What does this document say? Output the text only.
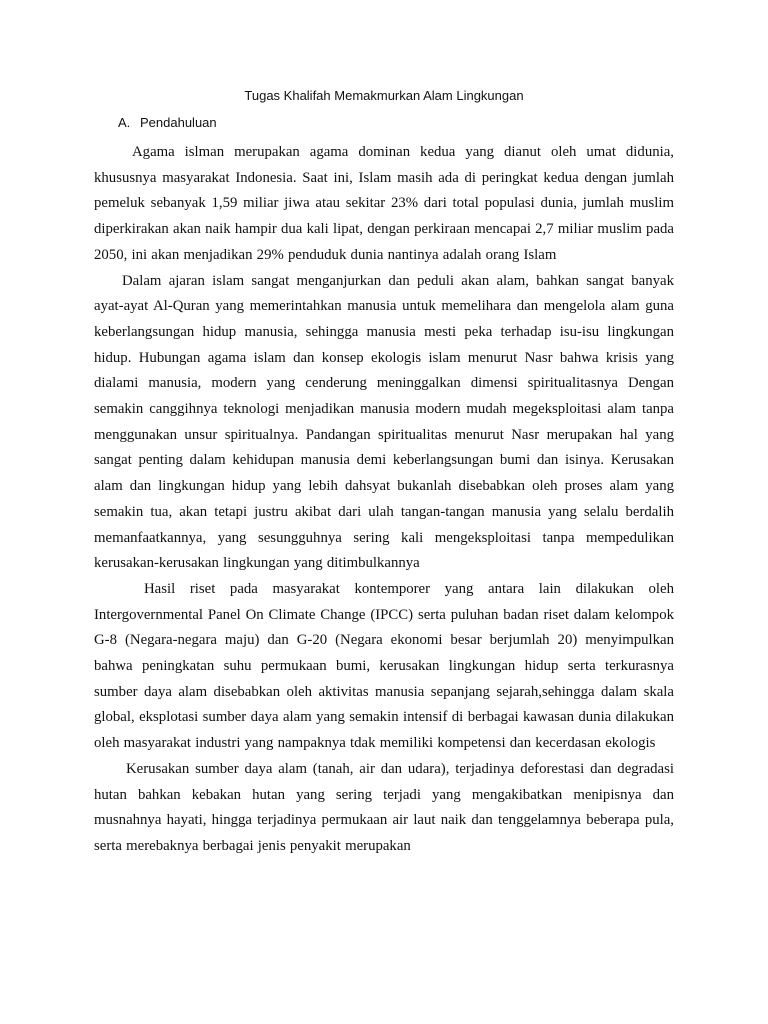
Tugas Khalifah Memakmurkan Alam Lingkungan
A. Pendahuluan

Agama islman merupakan agama dominan kedua yang dianut oleh umat didunia, khususnya masyarakat Indonesia. Saat ini, Islam masih ada di peringkat kedua dengan jumlah pemeluk sebanyak 1,59 miliar jiwa atau sekitar 23% dari total populasi dunia, jumlah muslim diperkirakan akan naik hampir dua kali lipat, dengan perkiraan mencapai 2,7 miliar muslim pada 2050, ini akan menjadikan 29% penduduk dunia nantinya adalah orang Islam

Dalam ajaran islam sangat menganjurkan dan peduli akan alam, bahkan sangat banyak ayat-ayat Al-Quran yang memerintahkan manusia untuk memelihara dan mengelola alam guna keberlangsungan hidup manusia, sehingga manusia mesti peka terhadap isu-isu lingkungan hidup. Hubungan agama islam dan konsep ekologis islam menurut Nasr bahwa krisis yang dialami manusia, modern yang cenderung meninggalkan dimensi spiritualitasnya Dengan semakin canggihnya teknologi menjadikan manusia modern mudah megeksploitasi alam tanpa menggunakan unsur spiritualnya. Pandangan spiritualitas menurut Nasr merupakan hal yang sangat penting dalam kehidupan manusia demi keberlangsungan bumi dan isinya. Kerusakan alam dan lingkungan hidup yang lebih dahsyat bukanlah disebabkan oleh proses alam yang semakin tua, akan tetapi justru akibat dari ulah tangan-tangan manusia yang selalu berdalih memanfaatkannya, yang sesungguhnya sering kali mengeksploitasi tanpa mempedulikan kerusakan-kerusakan lingkungan yang ditimbulkannya

Hasil riset pada masyarakat kontemporer yang antara lain dilakukan oleh Intergovernmental Panel On Climate Change (IPCC) serta puluhan badan riset dalam kelompok G-8 (Negara-negara maju) dan G-20 (Negara ekonomi besar berjumlah 20) menyimpulkan bahwa peningkatan suhu permukaan bumi, kerusakan lingkungan hidup serta terkurasnya sumber daya alam disebabkan oleh aktivitas manusia sepanjang sejarah,sehingga dalam skala global, eksplotasi sumber daya alam yang semakin intensif di berbagai kawasan dunia dilakukan oleh masyarakat industri yang nampaknya tdak memiliki kompetensi dan kecerdasan ekologis

Kerusakan sumber daya alam (tanah, air dan udara), terjadinya deforestasi dan degradasi hutan bahkan kebakan hutan yang sering terjadi yang mengakibatkan menipisnya dan musnahnya hayati, hingga terjadinya permukaan air laut naik dan tenggelamnya beberapa pula, serta merebaknya berbagai jenis penyakit merupakan
